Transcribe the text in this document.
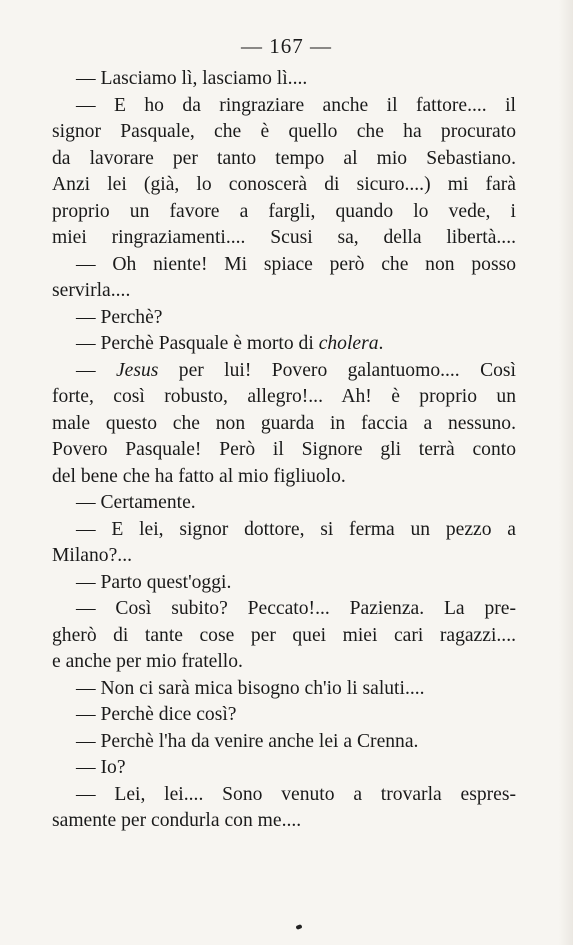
— 167 —
— Lasciamo lì, lasciamo lì....
— E ho da ringraziare anche il fattore.... il
signor Pasquale, che è quello che ha procurato
da lavorare per tanto tempo al mio Sebastiano.
Anzi lei (già, lo conoscerà di sicuro....) mi farà
proprio un favore a fargli, quando lo vede, i
miei ringraziamenti.... Scusi sa, della libertà....
— Oh niente! Mi spiace però che non posso
servirla....
— Perchè?
— Perchè Pasquale è morto di cholera.
— Jesus per lui! Povero galantuomo.... Così
forte, così robusto, allegro!... Ah! è proprio un
male questo che non guarda in faccia a nessuno.
Povero Pasquale! Però il Signore gli terrà conto
del bene che ha fatto al mio figliuolo.
— Certamente.
— E lei, signor dottore, si ferma un pezzo a
Milano?...
— Parto quest'oggi.
— Così subito? Peccato!... Pazienza. La pre-
gherò di tante cose per quei miei cari ragazzi....
e anche per mio fratello.
— Non ci sarà mica bisogno ch'io li saluti....
— Perchè dice così?
— Perchè l'ha da venire anche lei a Crenna.
— Io?
— Lei, lei.... Sono venuto a trovarla espres-
samente per condurla con me....
